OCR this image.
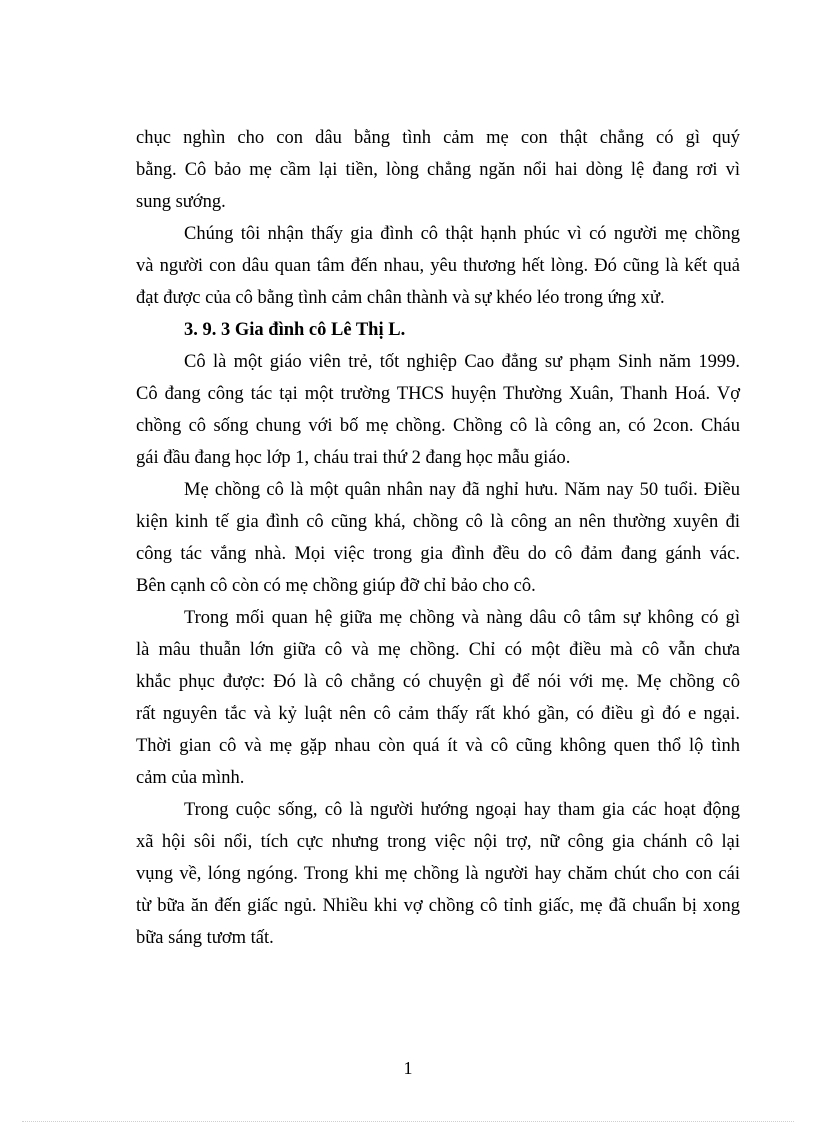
chục nghìn cho con dâu bằng tình cảm mẹ con thật chẳng có gì quý
bằng. Cô bảo mẹ cầm lại tiền, lòng chẳng ngăn nổi hai dòng lệ đang rơi vì
sung sướng.
Chúng tôi nhận thấy gia đình cô thật hạnh phúc vì có người mẹ chồng
và người con dâu quan tâm đến nhau, yêu thương hết lòng. Đó cũng là kết quả
đạt được của cô bằng tình cảm chân thành và sự khéo léo trong ứng xử.
3. 9. 3 Gia đình cô Lê Thị L.
Cô là một giáo viên trẻ, tốt nghiệp Cao đẳng sư phạm Sinh năm 1999.
Cô đang công tác tại một trường THCS huyện Thường Xuân, Thanh Hoá. Vợ
chồng cô sống chung với bố mẹ chồng. Chồng cô là công an, có 2con. Cháu
gái đầu đang học lớp 1, cháu trai thứ 2 đang học mẫu giáo.
Mẹ chồng cô là một quân nhân nay đã nghỉ hưu. Năm nay 50 tuổi. Điều
kiện kinh tế gia đình cô cũng khá, chồng cô là công an nên thường xuyên đi
công tác vắng nhà. Mọi việc trong gia đình đều do cô đảm đang gánh vác.
Bên cạnh cô còn có mẹ chồng giúp đỡ chỉ bảo cho cô.
Trong mối quan hệ giữa mẹ chồng và nàng dâu cô tâm sự không có gì
là mâu thuẫn lớn giữa cô và mẹ chồng. Chỉ có một điều mà cô vẫn chưa
khắc phục được: Đó là cô chẳng có chuyện gì để nói với mẹ. Mẹ chồng cô
rất nguyên tắc và kỷ luật nên cô cảm thấy rất khó gần, có điều gì đó e ngại.
Thời gian cô và mẹ gặp nhau còn quá ít và cô cũng không quen thổ lộ tình
cảm của mình.
Trong cuộc sống, cô là người hướng ngoại hay tham gia các hoạt động
xã hội sôi nổi, tích cực nhưng trong việc nội trợ, nữ công gia chánh cô lại
vụng về, lóng ngóng. Trong khi mẹ chồng là người hay chăm chút cho con cái
từ bữa ăn đến giấc ngủ. Nhiều khi vợ chồng cô tỉnh giấc, mẹ đã chuẩn bị xong
bữa sáng tươm tất.
1
